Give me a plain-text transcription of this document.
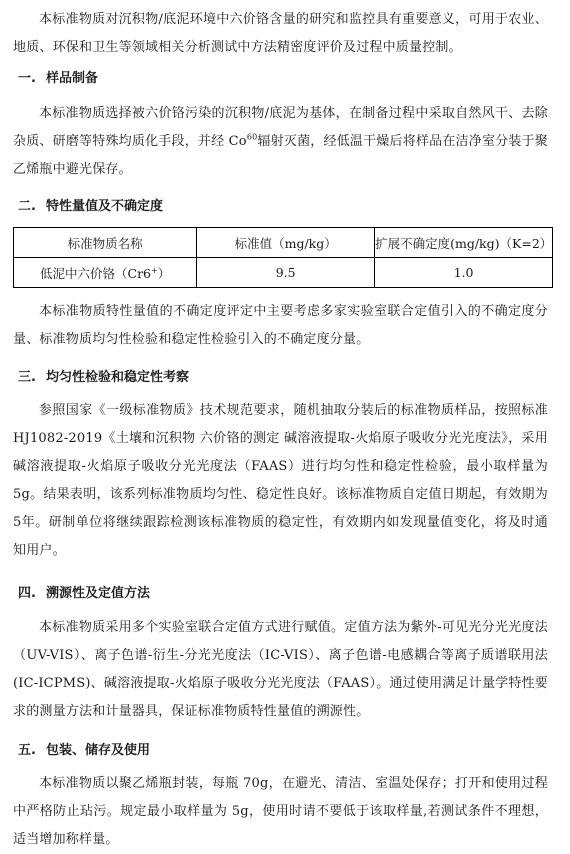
本标准物质对沉积物/底泥环境中六价铬含量的研究和监控具有重要意义，可用于农业、地质、环保和卫生等领域相关分析测试中方法精密度评价及过程中质量控制。

一. 样品制备

本标准物质选择被六价铬污染的沉积物/底泥为基体，在制备过程中采取自然风干、去除杂质、研磨等特殊均质化手段，并经 Co$^{60}$辐射灭菌，经低温干燥后将样品在洁净室分装于聚乙烯瓶中避光保存。

二. 特性量值及不确定度
标准物质名称	标准值（mg/kg）	扩展不确定度(mg/kg)（K=2）
低泥中六价铬（Cr6+）	9.5	1.0

本标准物质特性量值的不确定度评定中主要考虑多家实验室联合定值引入的不确定度分量、标准物质均匀性检验和稳定性检验引入的不确定度分量。

三. 均匀性检验和稳定性考察

参照国家《一级标准物质》技术规范要求，随机抽取分装后的标准物质样品，按照标准HJ1082-2019《土壤和沉积物 六价铬的测定 碱溶液提取-火焰原子吸收分光光度法》，采用碱溶液提取-火焰原子吸收分光光度法（FAAS）进行均匀性和稳定性检验，最小取样量为5g。结果表明，该系列标准物质均匀性、稳定性良好。该标准物质自定值日期起，有效期为5年。研制单位将继续跟踪检测该标准物质的稳定性，有效期内如发现量值变化，将及时通知用户。

四. 溯源性及定值方法

本标准物质采用多个实验室联合定值方式进行赋值。定值方法为紫外-可见光分光光度法（UV-VIS）、离子色谱-衍生-分光光度法（IC-VIS）、离子色谱-电感耦合等离子质谱联用法(IC-ICPMS)、碱溶液提取-火焰原子吸收分光光度法（FAAS）。通过使用满足计量学特性要求的测量方法和计量器具，保证标准物质特性量值的溯源性。

五. 包装、储存及使用

本标准物质以聚乙烯瓶封装，每瓶 70g，在避光、清洁、室温处保存；打开和使用过程中严格防止玷污。规定最小取样量为 5g，使用时请不要低于该取样量,若测试条件不理想，适当增加称样量。
